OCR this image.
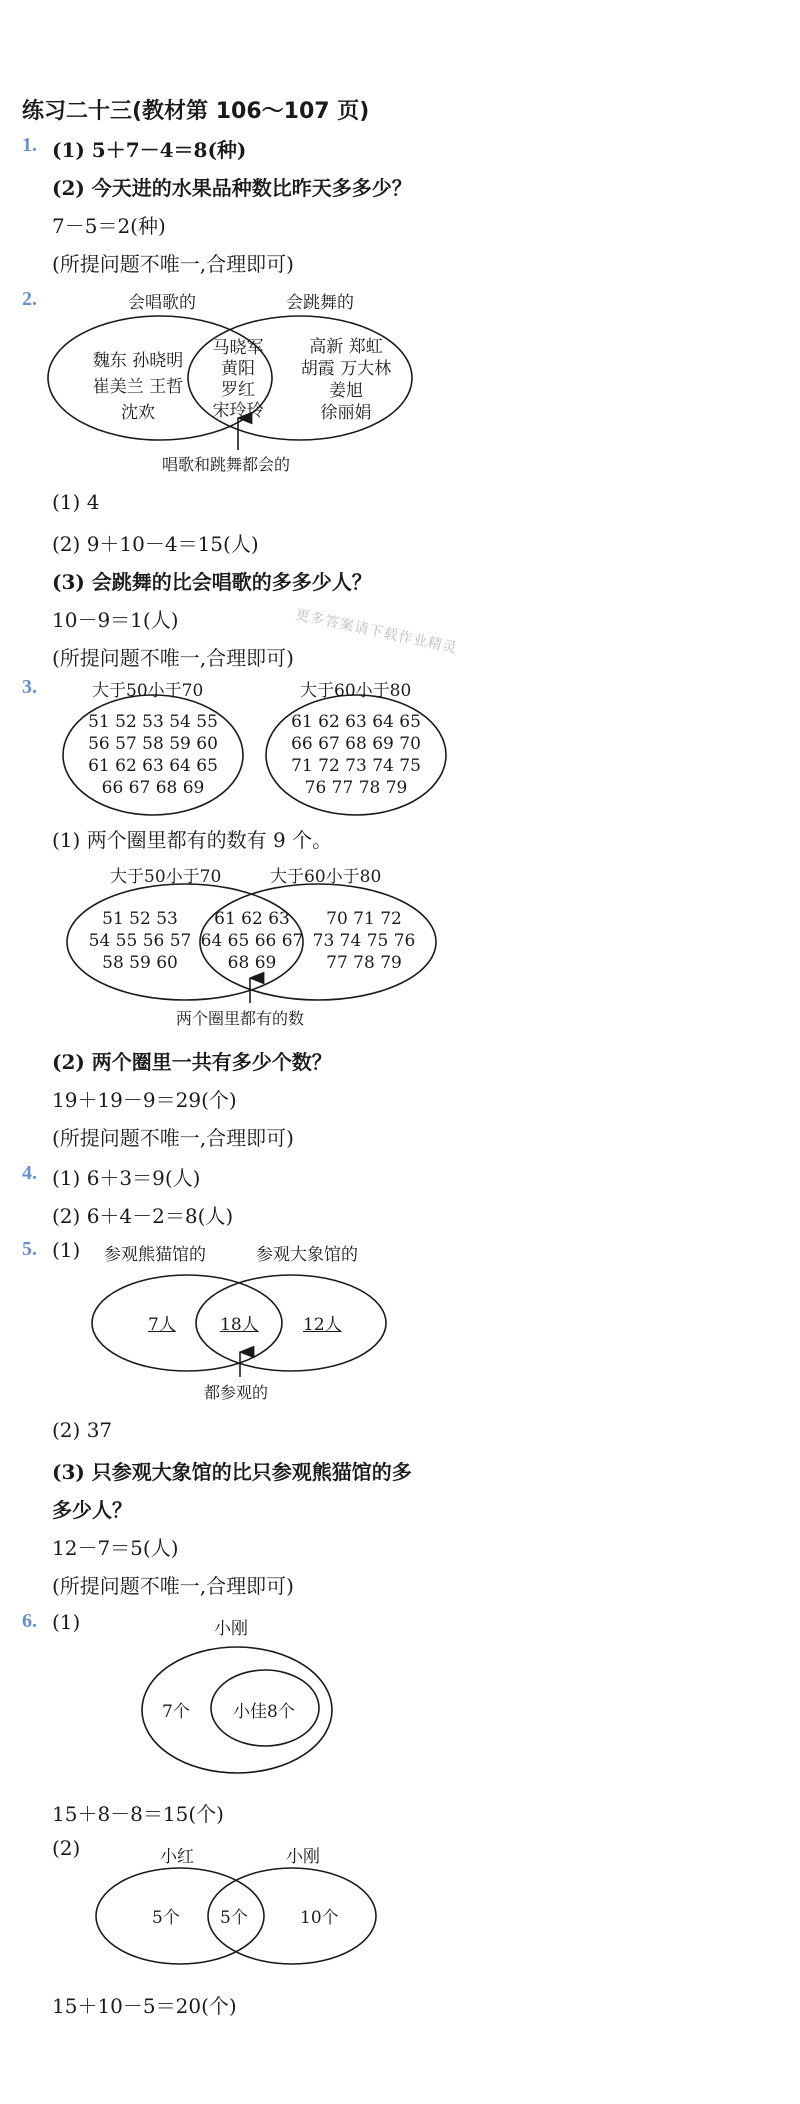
练习二十三(教材第 106～107 页)
1. (1) 5＋7－4＝8(种)
(2) 今天进的水果品种数比昨天多多少？
7－5＝2(种)
(所提问题不唯一,合理即可)
2.	会唱歌的	会跳舞的
魏东 孙晓明
崔美兰 王哲
沈欢
马晓军
黄阳
罗红
宋玲玲
高新 郑虹
胡霞 万大林
姜旭
徐丽娟
唱歌和跳舞都会的
(1) 4
(2) 9＋10－4＝15(人)
(3) 会跳舞的比会唱歌的多多少人？
10－9＝1(人)	更多答案请下载作业精灵
(所提问题不唯一,合理即可)
3.	大于50小于70	大于60小于80
51 52 53 54 55
56 57 58 59 60
61 62 63 64 65
66 67 68 69
61 62 63 64 65
66 67 68 69 70
71 72 73 74 75
76 77 78 79
(1) 两个圈里都有的数有 9 个。
大于50小于70	大于60小于80
51 52 53
54 55 56 57
58 59 60
61 62 63
64 65 66 67
68 69
70 71 72
73 74 75 76
77 78 79
两个圈里都有的数
(2) 两个圈里一共有多少个数？
19＋19－9＝29(个)
(所提问题不唯一,合理即可)
4. (1) 6＋3＝9(人)
(2) 6＋4－2＝8(人)
5. (1) 参观熊猫馆的	参观大象馆的
7人	18人	12人
都参观的
(2) 37
(3) 只参观大象馆的比只参观熊猫馆的多
多少人？
12－7＝5(人)
(所提问题不唯一,合理即可)
6. (1)	小刚
7个	小佳8个
15＋8－8＝15(个)
(2)	小红	小刚
5个 5个	10个
15＋10－5＝20(个)
